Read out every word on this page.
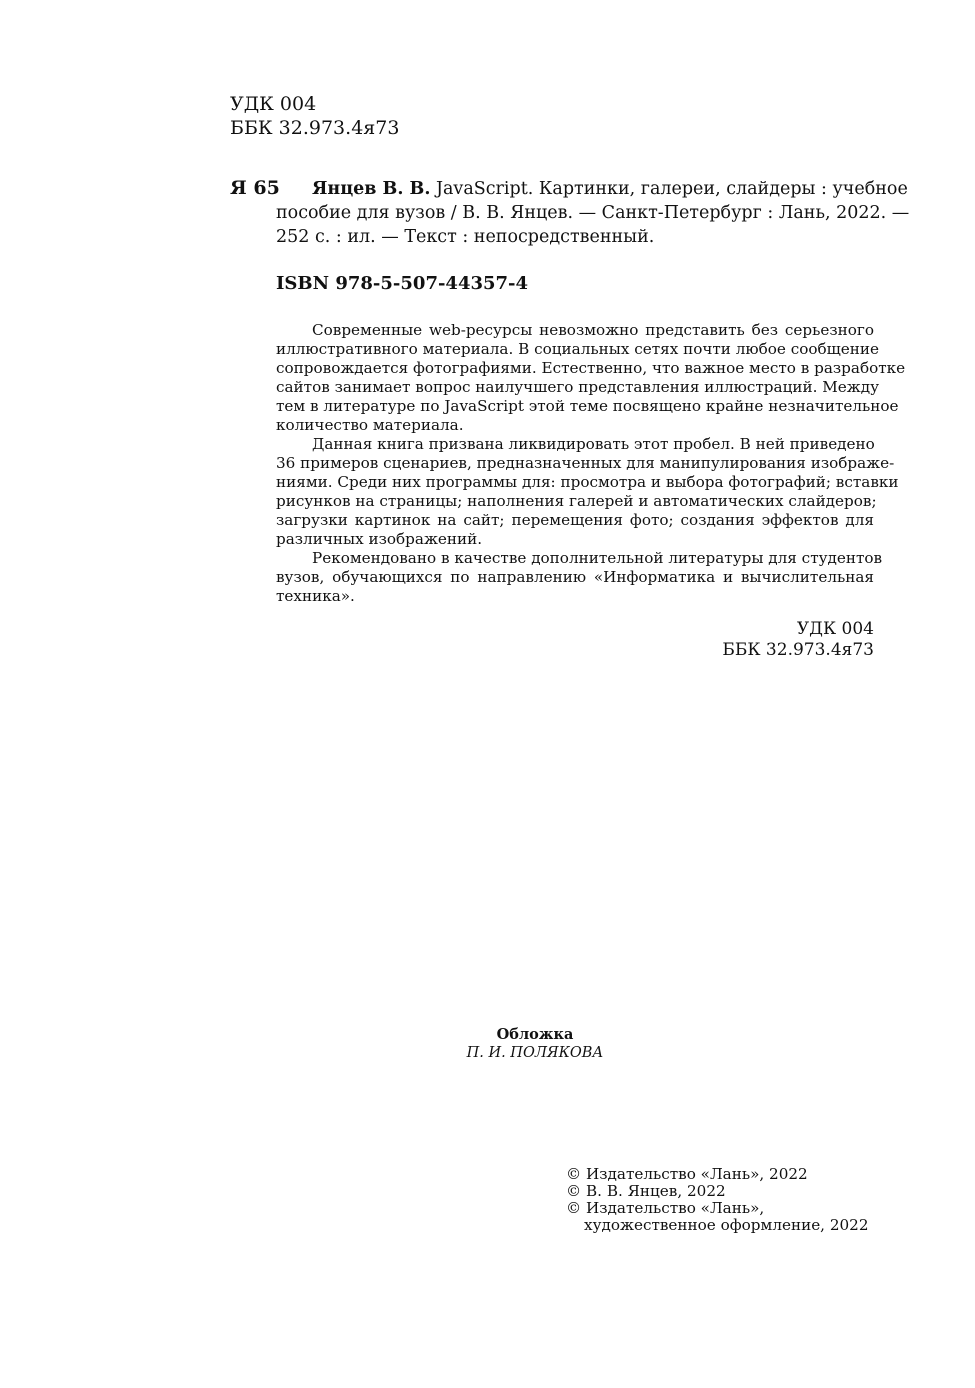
УДК 004
ББК 32.973.4я73
Я 65 Янцев В. В. JavaScript. Картинки, галереи, слайдеры : учебное
пособие для вузов / В. В. Янцев. — Санкт-Петербург : Лань, 2022. —
252 с. : ил. — Текст : непосредственный.
ISBN 978-5-507-44357-4
Современные web-ресурсы невозможно представить без серьезного
иллюстративного материала. В социальных сетях почти любое сообщение
сопровождается фотографиями. Естественно, что важное место в разработке
сайтов занимает вопрос наилучшего представления иллюстраций. Между
тем в литературе по JavaScript этой теме посвящено крайне незначительное
количество материала.
Данная книга призвана ликвидировать этот пробел. В ней приведено
36 примеров сценариев, предназначенных для манипулирования изображе-
ниями. Среди них программы для: просмотра и выбора фотографий; вставки
рисунков на страницы; наполнения галерей и автоматических слайдеров;
загрузки картинок на сайт; перемещения фото; создания эффектов для
различных изображений.
Рекомендовано в качестве дополнительной литературы для студентов
вузов, обучающихся по направлению «Информатика и вычислительная
техника».
УДК 004
ББК 32.973.4я73
Обложка
П. И. ПОЛЯКОВА
© Издательство «Лань», 2022
© В. В. Янцев, 2022
© Издательство «Лань»,
художественное оформление, 2022
